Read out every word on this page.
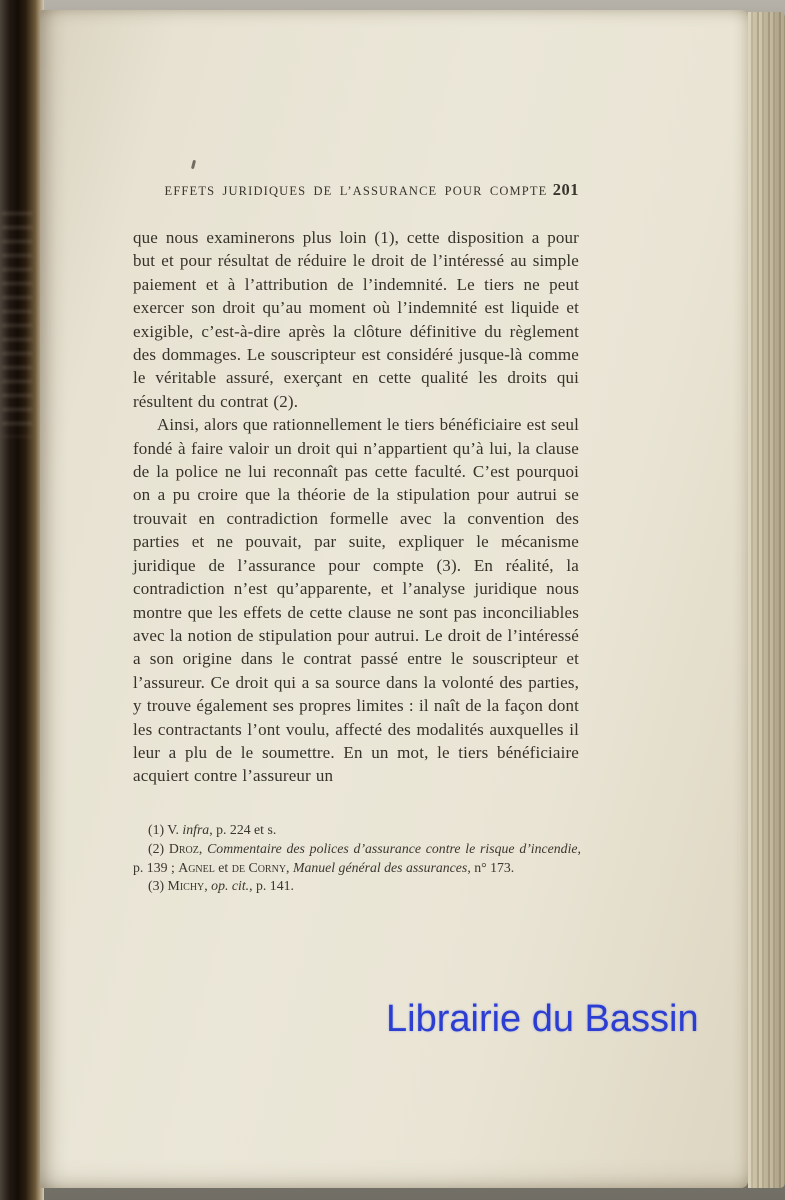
EFFETS JURIDIQUES DE L’ASSURANCE POUR COMPTE 201

que nous examinerons plus loin (1), cette disposition a pour but et pour résultat de réduire le droit de l’intéressé au simple paiement et à l’attribution de l’indemnité. Le tiers ne peut exercer son droit qu’au moment où l’indemnité est liquide et exigible, c’est-à-dire après la clôture définitive du règlement des dommages. Le souscripteur est considéré jusque-là comme le véritable assuré, exerçant en cette qualité les droits qui résultent du contrat (2).

Ainsi, alors que rationnellement le tiers bénéficiaire est seul fondé à faire valoir un droit qui n’appartient qu’à lui, la clause de la police ne lui reconnaît pas cette faculté. C’est pourquoi on a pu croire que la théorie de la stipulation pour autrui se trouvait en contradiction formelle avec la convention des parties et ne pouvait, par suite, expliquer le mécanisme juridique de l’assurance pour compte (3). En réalité, la contradiction n’est qu’apparente, et l’analyse juridique nous montre que les effets de cette clause ne sont pas inconciliables avec la notion de stipulation pour autrui. Le droit de l’intéressé a son origine dans le contrat passé entre le souscripteur et l’assureur. Ce droit qui a sa source dans la volonté des parties, y trouve également ses propres limites : il naît de la façon dont les contractants l’ont voulu, affecté des modalités auxquelles il leur a plu de le soumettre. En un mot, le tiers bénéficiaire acquiert contre l’assureur un

(1) V. infra, p. 224 et s.

(2) Droz, Commentaire des polices d’assurance contre le risque d’incendie, p. 139 ; Agnel et de Corny, Manuel général des assurances, n° 173.

(3) Michy, op. cit., p. 141.

Librairie du Bassin
